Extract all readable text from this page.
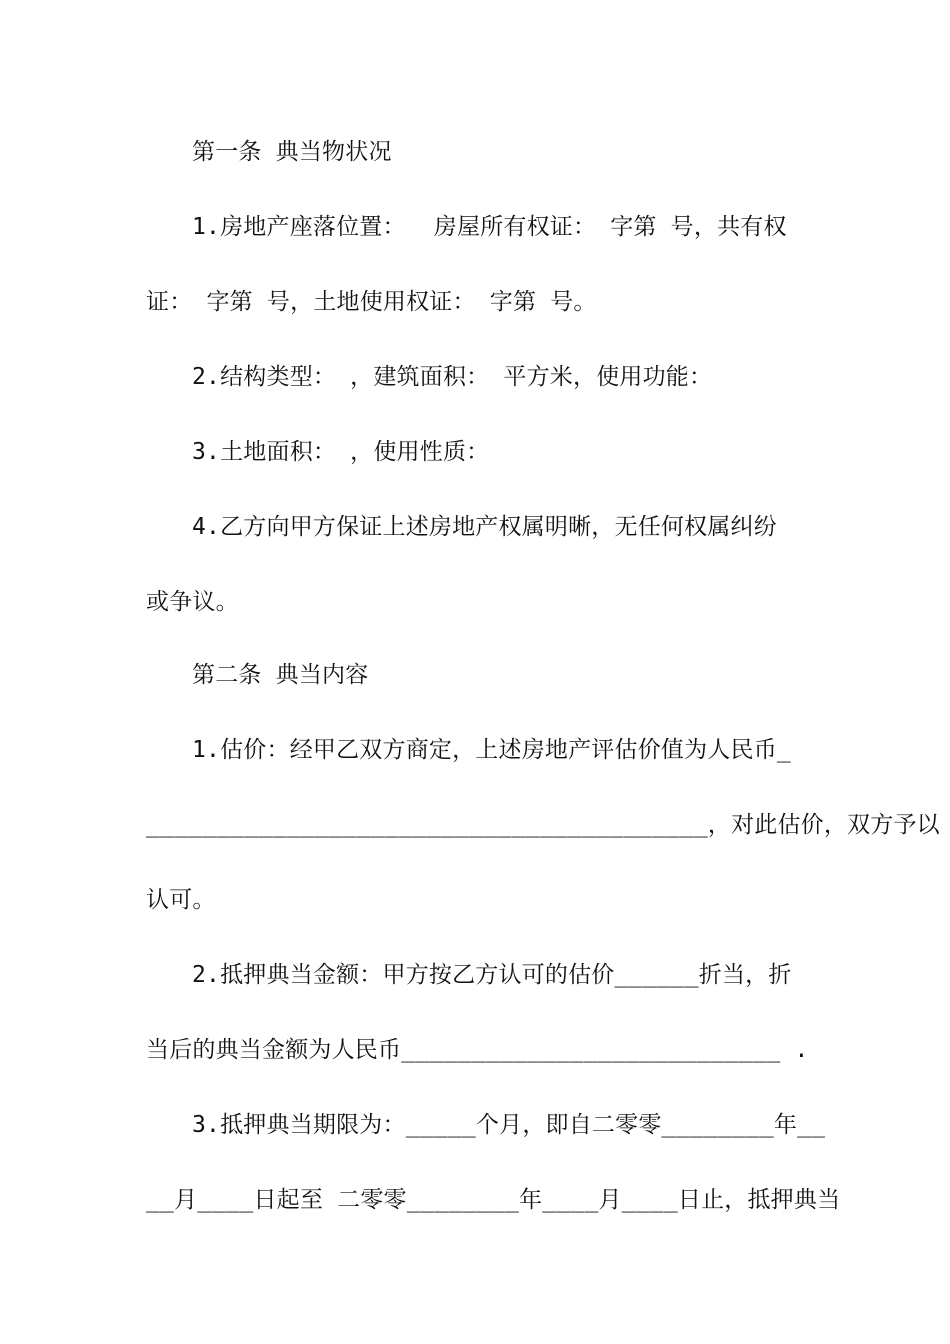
第一条 典当物状况
1.房地产座落位置：  房屋所有权证： 字第 号，共有权
证： 字第 号，土地使用权证： 字第 号。
2.结构类型： ，建筑面积： 平方米，使用功能：
3.土地面积： ，使用性质：
4.乙方向甲方保证上述房地产权属明晰，无任何权属纠纷
或争议。
第二条 典当内容
1.估价：经甲乙双方商定，上述房地产评估价值为人民币_
________________________________________，对此估价，双方予以
认可。
2.抵押典当金额：甲方按乙方认可的估价______折当，折
当后的典当金额为人民币___________________________ .
3.抵押典当期限为：_____个月，即自二零零________年__
__月____日起至 二零零________年____月____日止，抵押典当
